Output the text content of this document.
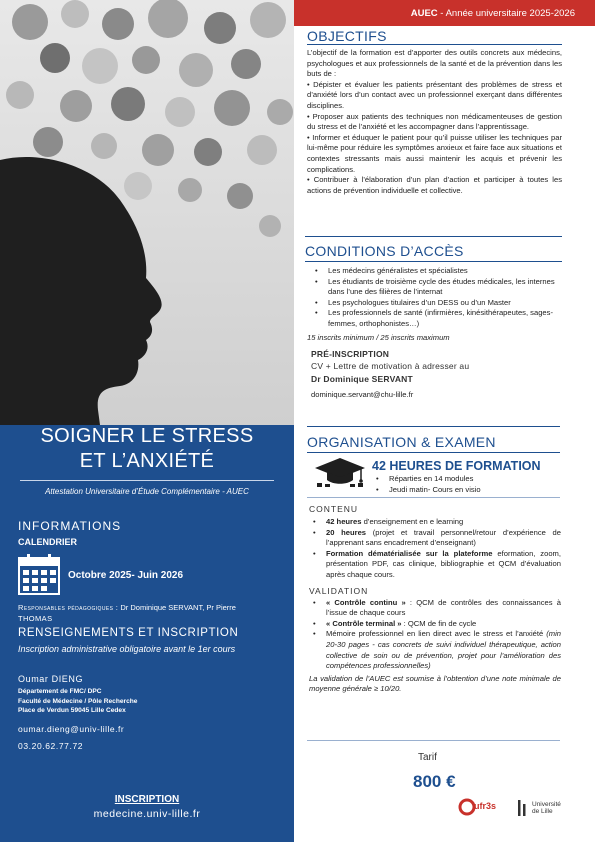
SOIGNER LE STRESS
ET L’ANXIÉTÉ
Attestation Universitaire d’Étude Complémentaire - AUEC
INFORMATIONS
CALENDRIER
Octobre 2025- Juin 2026
Responsables pédagogiques : Dr Dominique SERVANT, Pr Pierre
THOMAS
RENSEIGNEMENTS ET INSCRIPTION
Inscription administrative obligatoire avant le 1er cours
Oumar DIENG
Département de FMC/ DPC
Faculté de Médecine / Pôle Recherche
Place de Verdun 59045 Lille Cedex
oumar.dieng@univ-lille.fr
03.20.62.77.72
INSCRIPTION
medecine.univ-lille.fr
AUEC - Année universitaire 2025-2026
OBJECTIFS

L’objectif de la formation est d’apporter des outils concrets aux médecins, psychologues et aux professionnels de la santé et de la prévention dans les buts de :

• Dépister et évaluer les patients présentant des problèmes de stress et d’anxiété lors d’un contact avec un professionnel exerçant dans différentes disciplines.

• Proposer aux patients des techniques non médicamenteuses de gestion du stress et de l’anxiété et les accompagner dans l’apprentissage.

• Informer et éduquer le patient pour qu’il puisse utiliser les techniques par lui-même pour réduire les symptômes anxieux et faire face aux situations et contextes stressants mais aussi maintenir les acquis et prévenir les complications.

• Contribuer à l’élaboration d’un plan d’action et participer à toutes les actions de prévention individuelle et collective.

CONDITIONS D’ACCÈS
• Les médecins généralistes et spécialistes
• Les étudiants de troisième cycle des études médicales, les internes dans l’une des filières de l’internat
• Les psychologues titulaires d’un DESS ou d’un Master
• Les professionnels de santé (infirmières, kinésithérapeutes, sages-femmes, orthophonistes…)
15 inscrits minimum / 25 inscrits maximum
PRÉ-INSCRIPTION
CV + Lettre de motivation à adresser au
Dr Dominique SERVANT
dominique.servant@chu-lille.fr
ORGANISATION & EXAMEN
42 HEURES DE FORMATION
• Réparties en 14 modules
• Jeudi matin- Cours en visio
CONTENU
• 42 heures d’enseignement en e learning
• 20 heures (projet et travail personnel/retour d’expérience de l’apprenant sans encadrement d’enseignant)
• Formation dématérialisée sur la plateforme eformation, zoom, présentation PDF, cas clinique, bibliographie et QCM d’évaluation après chaque cours.
VALIDATION
• « Contrôle continu » : QCM de contrôles des connaissances à l’issue de chaque cours
• « Contrôle terminal » : QCM de fin de cycle
• Mémoire professionnel en lien direct avec le stress et l’anxiété (min 20-30 pages - cas concrets de suivi individuel thérapeutique, action collective de soin ou de prévention, projet pour l’amélioration des compétences professionnelles)
La validation de l’AUEC est soumise à l’obtention d’une note minimale de moyenne générale ≥ 10/20.
Tarif
800 €
ufr3s	Université
de Lille
